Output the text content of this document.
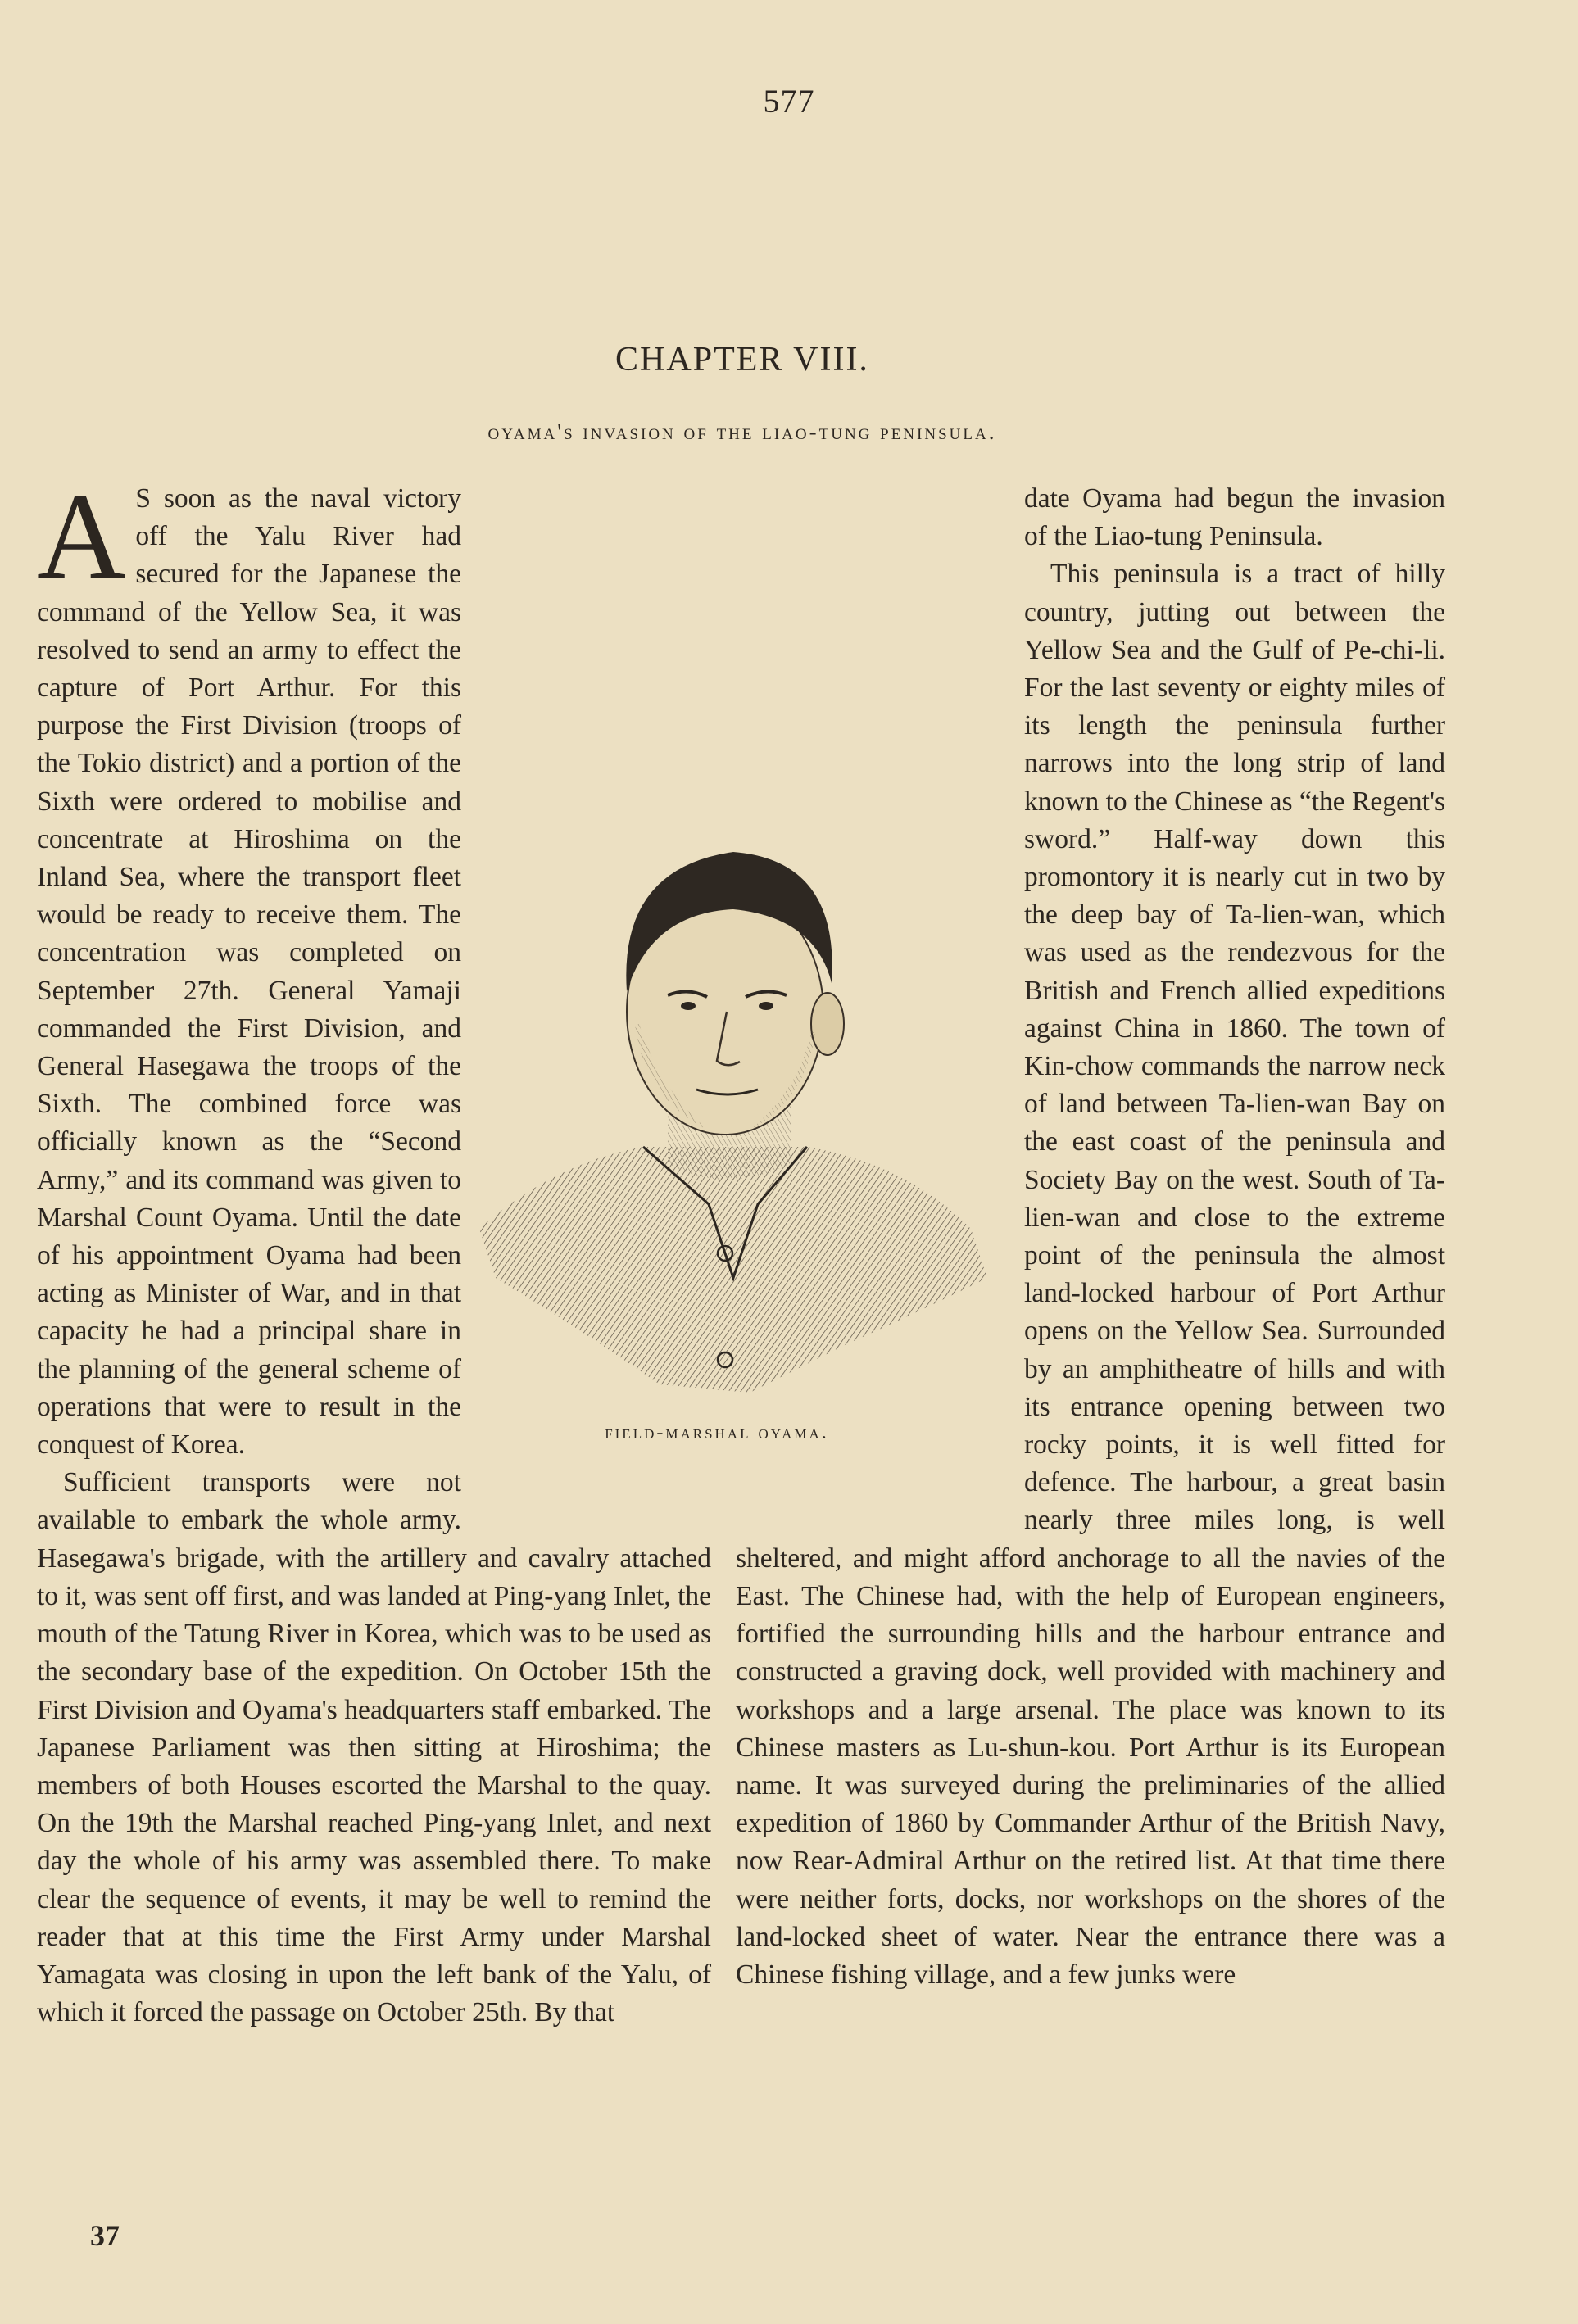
577
CHAPTER VIII.
oyama's invasion of the liao-tung peninsula.
A S soon as the naval victory off the Yalu River had secured for the Japanese the command of the Yellow Sea, it was resolved to send an army to effect the capture of Port Arthur. For this purpose the First Division (troops of the Tokio district) and a portion of the Sixth were ordered to mobilise and concentrate at Hiroshima on the Inland Sea, where the transport fleet would be ready to receive them. The concentration was completed on September 27th. General Yamaji commanded the First Division, and General Hasegawa the troops of the Sixth. The combined force was officially known as the “Second Army,” and its command was given to Marshal Count Oyama. Until the date of his appointment Oyama had been acting as Minister of War, and in that capacity he had a principal share in the planning of the general scheme of operations that were to result in the conquest of Korea.

Sufficient transports were not available to embark the whole army. Hasegawa's brigade, with the artillery and cavalry attached to it, was sent off first, and was landed at Ping-yang Inlet, the mouth of the Tatung River in Korea, which was to be used as the secondary base of the expedition. On October 15th the First Division and Oyama's headquarters staff embarked. The Japanese Parliament was then sitting at Hiroshima; the members of both Houses escorted the Marshal to the quay. On the 19th the Marshal reached Ping-yang Inlet, and next day the whole of his army was assembled there. To make clear the sequence of events, it may be well to remind the reader that at this time the First Army under Marshal Yamagata was closing in upon the left bank of the Yalu, of which it forced the passage on October 25th. By that

date Oyama had begun the invasion of the Liao-tung Peninsula.

This peninsula is a tract of hilly country, jutting out between the Yellow Sea and the Gulf of Pe-chi-li. For the last seventy or eighty miles of its length the peninsula further narrows into the long strip of land known to the Chinese as “the Regent's sword.” Half-way down this promontory it is nearly cut in two by the deep bay of Ta-lien-wan, which was used as the rendezvous for the British and French allied expeditions against China in 1860. The town of Kin-chow commands the narrow neck of land between Ta-lien-wan Bay on the east coast of the peninsula and Society Bay on the west. South of Ta-lien-wan and close to the extreme point of the peninsula the almost land-locked harbour of Port Arthur opens on the Yellow Sea. Surrounded by an amphitheatre of hills and with its entrance opening between two rocky points, it is well fitted for defence. The harbour, a great basin nearly three miles long, is well sheltered, and might afford anchorage to all the navies of the East. The Chinese had, with the help of European engineers, fortified the surrounding hills and the harbour entrance and constructed a graving dock, well provided with machinery and workshops and a large arsenal. The place was known to its Chinese masters as Lu-shun-kou. Port Arthur is its European name. It was surveyed during the preliminaries of the allied expedition of 1860 by Commander Arthur of the British Navy, now Rear-Admiral Arthur on the retired list. At that time there were neither forts, docks, nor workshops on the shores of the land-locked sheet of water. Near the entrance there was a Chinese fishing village, and a few junks were

field-marshal oyama.
37
